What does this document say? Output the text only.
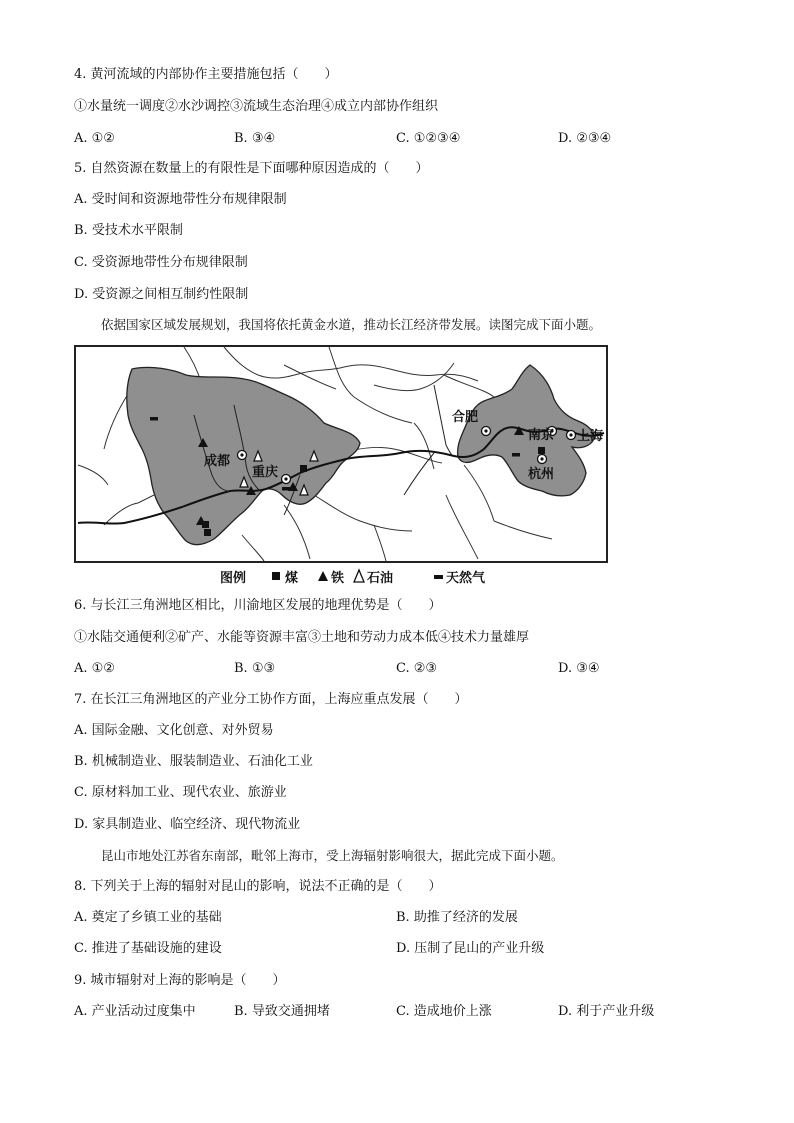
4. 黄河流域的内部协作主要措施包括（　　）
①水量统一调度②水沙调控③流域生态治理④成立内部协作组织
A. ①②	B. ③④	C. ①②③④	D. ②③④
5. 自然资源在数量上的有限性是下面哪种原因造成的（　　）
A. 受时间和资源地带性分布规律限制
B. 受技术水平限制
C. 受资源地带性分布规律限制
D. 受资源之间相互制约性限制
依据国家区域发展规划，我国将依托黄金水道，推动长江经济带发展。读图完成下面小题。
成都
重庆
合肥
南京 上海
杭州
图例	煤	铁 石油	天然气
6. 与长江三角洲地区相比，川渝地区发展的地理优势是（　　）
①水陆交通便利②矿产、水能等资源丰富③土地和劳动力成本低④技术力量雄厚
A. ①②	B. ①③	C. ②③	D. ③④
7. 在长江三角洲地区的产业分工协作方面，上海应重点发展（　　）
A. 国际金融、文化创意、对外贸易
B. 机械制造业、服装制造业、石油化工业
C. 原材料加工业、现代农业、旅游业
D. 家具制造业、临空经济、现代物流业
昆山市地处江苏省东南部，毗邻上海市，受上海辐射影响很大，据此完成下面小题。
8. 下列关于上海的辐射对昆山的影响，说法不正确的是（　　）
A. 奠定了乡镇工业的基础	B. 助推了经济的发展
C. 推进了基础设施的建设	D. 压制了昆山的产业升级
9. 城市辐射对上海的影响是（　　）
A. 产业活动过度集中	B. 导致交通拥堵	C. 造成地价上涨	D. 利于产业升级
